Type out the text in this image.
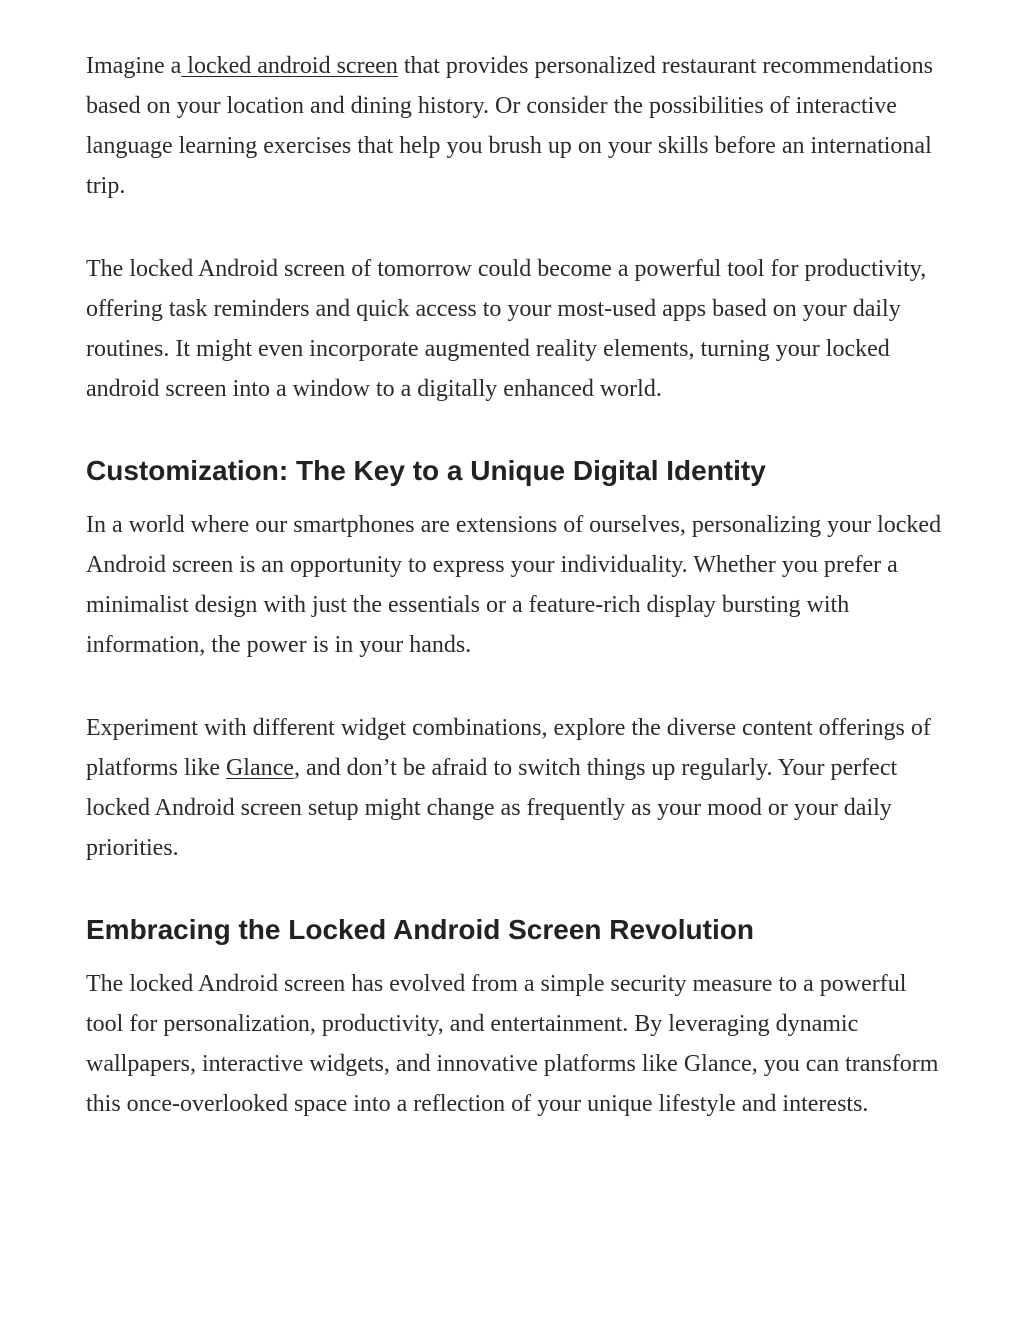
Imagine a locked android screen that provides personalized restaurant recommendations based on your location and dining history. Or consider the possibilities of interactive language learning exercises that help you brush up on your skills before an international trip.

The locked Android screen of tomorrow could become a powerful tool for productivity, offering task reminders and quick access to your most-used apps based on your daily routines. It might even incorporate augmented reality elements, turning your locked android screen into a window to a digitally enhanced world.

Customization: The Key to a Unique Digital Identity

In a world where our smartphones are extensions of ourselves, personalizing your locked Android screen is an opportunity to express your individuality. Whether you prefer a minimalist design with just the essentials or a feature-rich display bursting with information, the power is in your hands.

Experiment with different widget combinations, explore the diverse content offerings of platforms like Glance, and don’t be afraid to switch things up regularly. Your perfect locked Android screen setup might change as frequently as your mood or your daily priorities.

Embracing the Locked Android Screen Revolution

The locked Android screen has evolved from a simple security measure to a powerful tool for personalization, productivity, and entertainment. By leveraging dynamic wallpapers, interactive widgets, and innovative platforms like Glance, you can transform this once-overlooked space into a reflection of your unique lifestyle and interests.
